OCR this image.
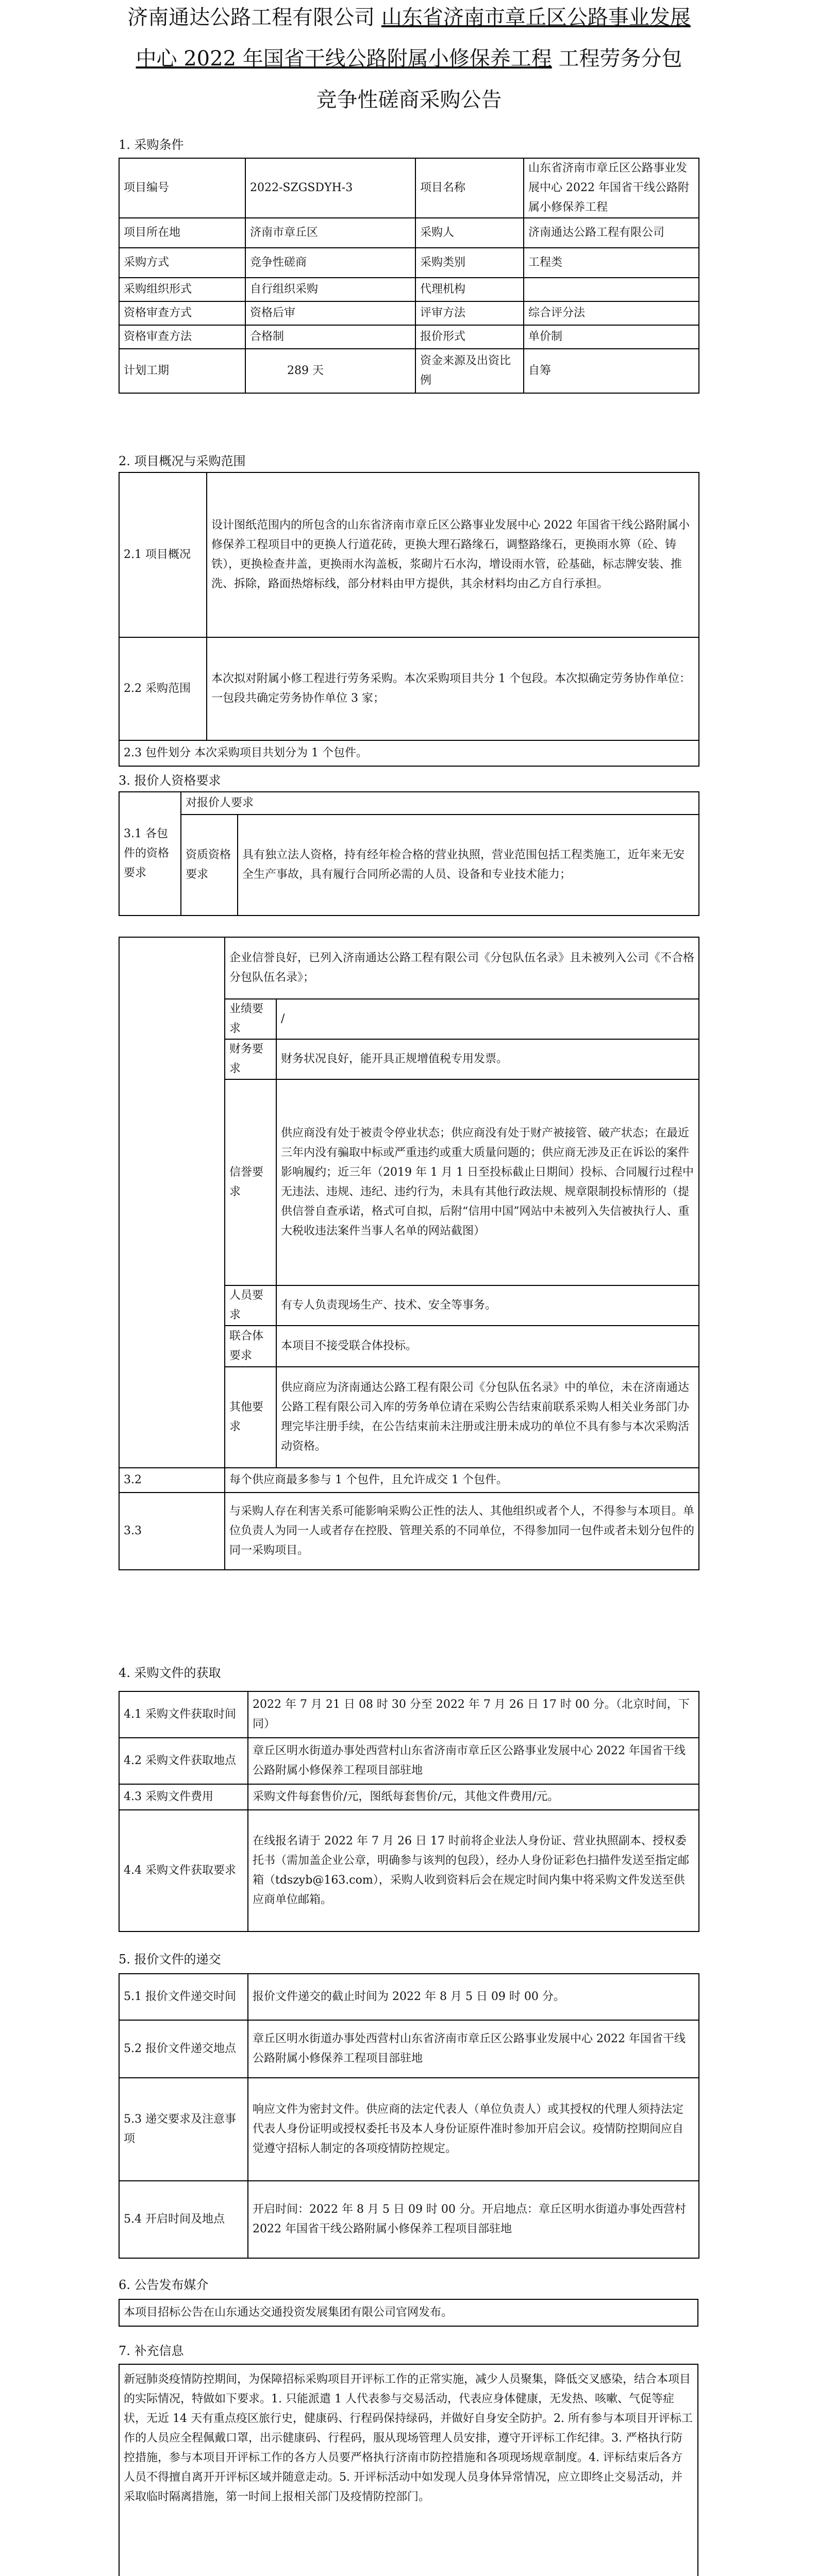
济南通达公路工程有限公司 山东省济南市章丘区公路事业发展
中心 2022 年国省干线公路附属小修保养工程 工程劳务分包
竞争性磋商采购公告
1. 采购条件
项目编号	2022-SZGSDYH-3	项目名称	山东省济南市章丘区公路事业发展中心 2022 年国省干线公路附属小修保养工程
项目所在地	济南市章丘区	采购人	济南通达公路工程有限公司
采购方式	竞争性磋商	采购类别	工程类
采购组织形式	自行组织采购	代理机构	
资格审查方式	资格后审	评审方法	综合评分法
资格审查方法	合格制	报价形式	单价制
计划工期	289 天	资金来源及出资比例	自筹
2. 项目概况与采购范围
2.1 项目概况	设计图纸范围内的所包含的山东省济南市章丘区公路事业发展中心 2022 年国省干线公路附属小修保养工程项目中的更换人行道花砖，更换大理石路缘石，调整路缘石，更换雨水箅（砼、铸铁），更换检查井盖，更换雨水沟盖板，浆砌片石水沟，增设雨水管，砼基础，标志牌安装、推洗、拆除，路面热熔标线，部分材料由甲方提供，其余材料均由乙方自行承担。
2.2 采购范围	本次拟对附属小修工程进行劳务采购。本次采购项目共分 1 个包段。本次拟确定劳务协作单位：一包段共确定劳务协作单位 3 家；
2.3 包件划分 本次采购项目共划分为 1 个包件。	
3. 报价人资格要求
3.1 各包件的资格要求	对报价人要求	
	资质资格要求	具有独立法人资格，持有经年检合格的营业执照，营业范围包括工程类施工，近年来无安全生产事故，具有履行合同所必需的人员、设备和专业技术能力；
	企业信誉良好，已列入济南通达公路工程有限公司《分包队伍名录》且未被列入公司《不合格分包队伍名录》；	
	业绩要求	/
	财务要求	财务状况良好，能开具正规增值税专用发票。
	信誉要求	供应商没有处于被责令停业状态；供应商没有处于财产被接管、破产状态；在最近三年内没有骗取中标或严重违约或重大质量问题的；供应商无涉及正在诉讼的案件影响履约；近三年（2019 年 1 月 1 日至投标截止日期间）投标、合同履行过程中无违法、违规、违纪、违约行为，未具有其他行政法规、规章限制投标情形的（提供信誉自查承诺，格式可自拟，后附“信用中国”网站中未被列入失信被执行人、重大税收违法案件当事人名单的网站截图）
	人员要求	有专人负责现场生产、技术、安全等事务。
	联合体要求	本项目不接受联合体投标。
	其他要求	供应商应为济南通达公路工程有限公司《分包队伍名录》中的单位，未在济南通达公路工程有限公司入库的劳务单位请在采购公告结束前联系采购人相关业务部门办理完毕注册手续，在公告结束前未注册或注册未成功的单位不具有参与本次采购活动资格。
3.2	每个供应商最多参与 1 个包件，且允许成交 1 个包件。	
3.3	与采购人存在利害关系可能影响采购公正性的法人、其他组织或者个人，不得参与本项目。单位负责人为同一人或者存在控股、管理关系的不同单位，不得参加同一包件或者未划分包件的同一采购项目。	
4. 采购文件的获取
4.1 采购文件获取时间	2022 年 7 月 21 日 08 时 30 分至 2022 年 7 月 26 日 17 时 00 分。（北京时间，下同）
4.2 采购文件获取地点	章丘区明水街道办事处西营村山东省济南市章丘区公路事业发展中心 2022 年国省干线公路附属小修保养工程项目部驻地
4.3 采购文件费用	采购文件每套售价/元，图纸每套售价/元，其他文件费用/元。
4.4 采购文件获取要求	在线报名请于 2022 年 7 月 26 日 17 时前将企业法人身份证、营业执照副本、授权委托书（需加盖企业公章，明确参与该判的包段），经办人身份证彩色扫描件发送至指定邮箱（tdszyb@163.com），采购人收到资料后会在规定时间内集中将采购文件发送至供应商单位邮箱。
5. 报价文件的递交
5.1 报价文件递交时间	报价文件递交的截止时间为 2022 年 8 月 5 日 09 时 00 分。
5.2 报价文件递交地点	章丘区明水街道办事处西营村山东省济南市章丘区公路事业发展中心 2022 年国省干线公路附属小修保养工程项目部驻地
5.3 递交要求及注意事项	响应文件为密封文件。供应商的法定代表人（单位负责人）或其授权的代理人须持法定代表人身份证明或授权委托书及本人身份证原件准时参加开启会议。疫情防控期间应自觉遵守招标人制定的各项疫情防控规定。
5.4 开启时间及地点	开启时间：2022 年 8 月 5 日 09 时 00 分。开启地点：章丘区明水街道办事处西营村 2022 年国省干线公路附属小修保养工程项目部驻地
6. 公告发布媒介
本项目招标公告在山东通达交通投资发展集团有限公司官网发布。
7. 补充信息
新冠肺炎疫情防控期间，为保障招标采购项目开评标工作的正常实施，减少人员聚集，降低交叉感染，结合本项目的实际情况，特做如下要求。1. 只能派遣 1 人代表参与交易活动，代表应身体健康，无发热、咳嗽、气促等症状，无近 14 天有重点疫区旅行史，健康码、行程码保持绿码，并做好自身安全防护。2. 所有参与本项目开评标工作的人员应全程佩戴口罩，出示健康码、行程码，服从现场管理人员安排，遵守开评标工作纪律。3. 严格执行防控措施，参与本项目开评标工作的各方人员要严格执行济南市防控措施和各项现场规章制度。4. 评标结束后各方人员不得擅自离开开评标区域并随意走动。5. 开评标活动中如发现人员身体异常情况，应立即终止交易活动，并采取临时隔离措施，第一时间上报相关部门及疫情防控部门。
